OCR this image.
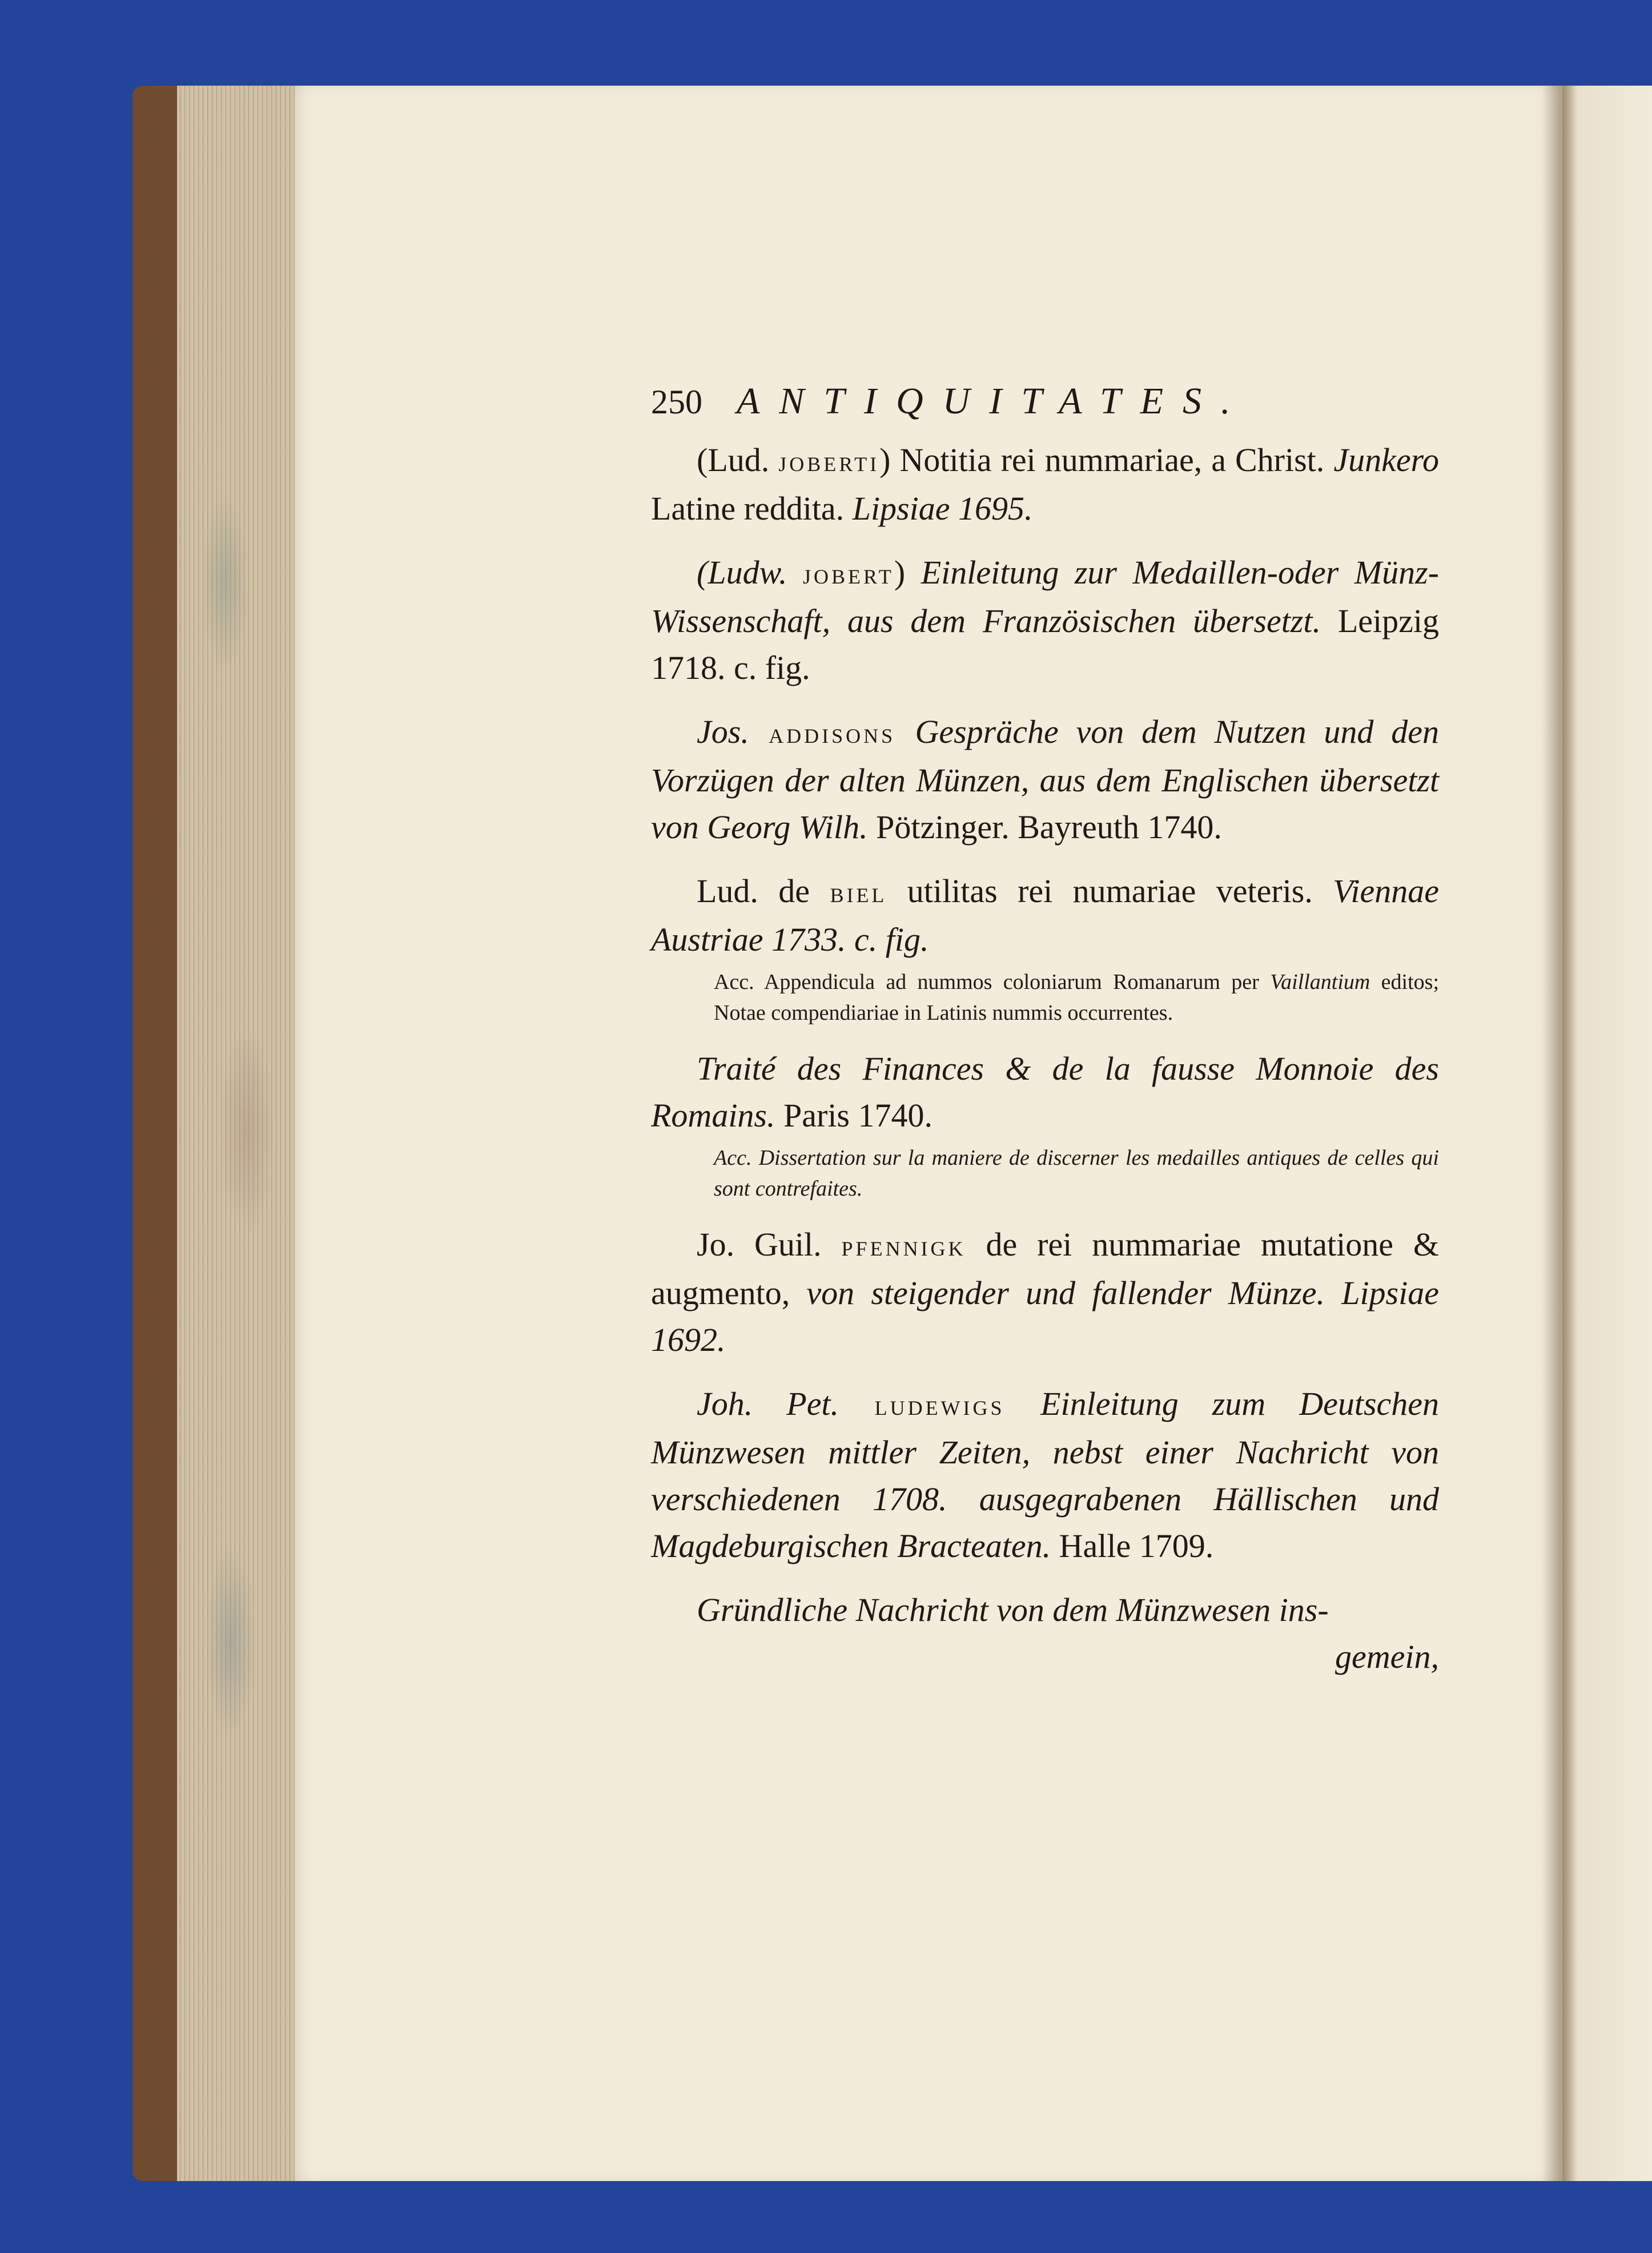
250 ANTIQUITATES.

(Lud. joberti) Notitia rei nummariae, a Christ. Junkero Latine reddita. Lipsiae 1695.

(Ludw. jobert) Einleitung zur Medaillen-oder Münz-Wissenschaft, aus dem Französischen übersetzt. Leipzig 1718. c. fig.

Jos. addisons Gespräche von dem Nutzen und den Vorzügen der alten Münzen, aus dem Englischen übersetzt von Georg Wilh. Pötzinger. Bayreuth 1740.

Lud. de biel utilitas rei numariae veteris. Viennae Austriae 1733. c. fig.

Acc. Appendicula ad nummos coloniarum Romanarum per Vaillantium editos; Notae compendiariae in Latinis nummis occurrentes.

Traité des Finances & de la fausse Monnoie des Romains. Paris 1740.

Acc. Dissertation sur la maniere de discerner les medailles antiques de celles qui sont contrefaites.

Jo. Guil. pfennigk de rei nummariae mutatione & augmento, von steigender und fallender Münze. Lipsiae 1692.

Joh. Pet. ludewigs Einleitung zum Deutschen Münzwesen mittler Zeiten, nebst einer Nachricht von verschiedenen 1708. ausgegrabenen Hällischen und Magdeburgischen Bracteaten. Halle 1709.

Gründliche Nachricht von dem Münzwesen ins-

gemein,
